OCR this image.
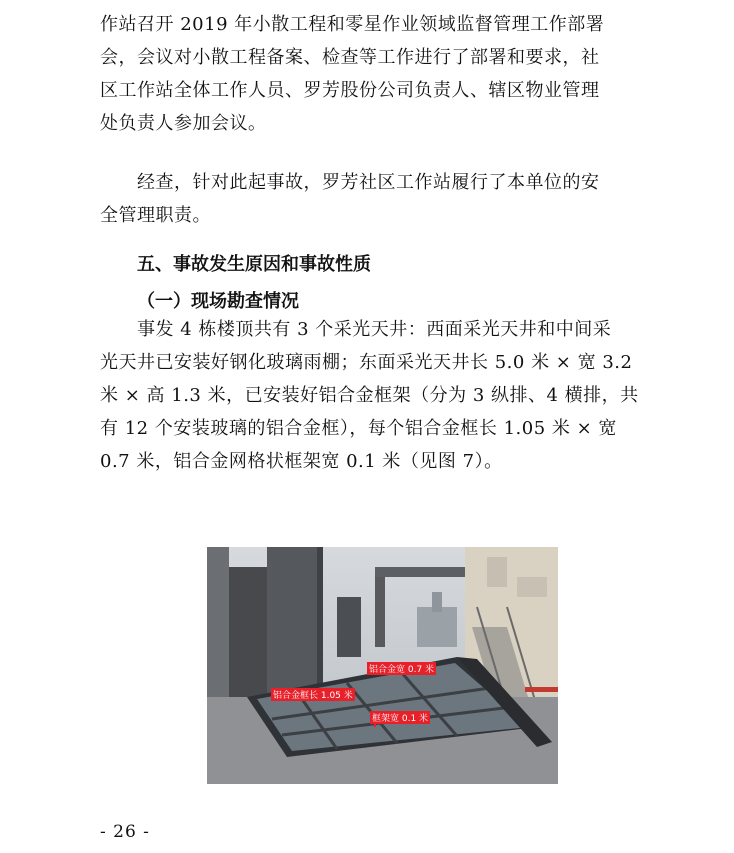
作站召开 2019 年小散工程和零星作业领域监督管理工作部署
会，会议对小散工程备案、检查等工作进行了部署和要求，社
区工作站全体工作人员、罗芳股份公司负责人、辖区物业管理
处负责人参加会议。

经查，针对此起事故，罗芳社区工作站履行了本单位的安
全管理职责。

五、事故发生原因和事故性质
（一）现场勘查情况

事发 4 栋楼顶共有 3 个采光天井：西面采光天井和中间采
光天井已安装好钢化玻璃雨棚；东面采光天井长 5.0 米 × 宽 3.2
米 × 高 1.3 米，已安装好铝合金框架（分为 3 纵排、4 横排，共
有 12 个安装玻璃的铝合金框），每个铝合金框长 1.05 米 × 宽
0.7 米，铝合金网格状框架宽 0.1 米（见图 7）。

铝合金宽 0.7 米
铝合金框长 1.05 米
框架宽 0.1 米
- 26 -
